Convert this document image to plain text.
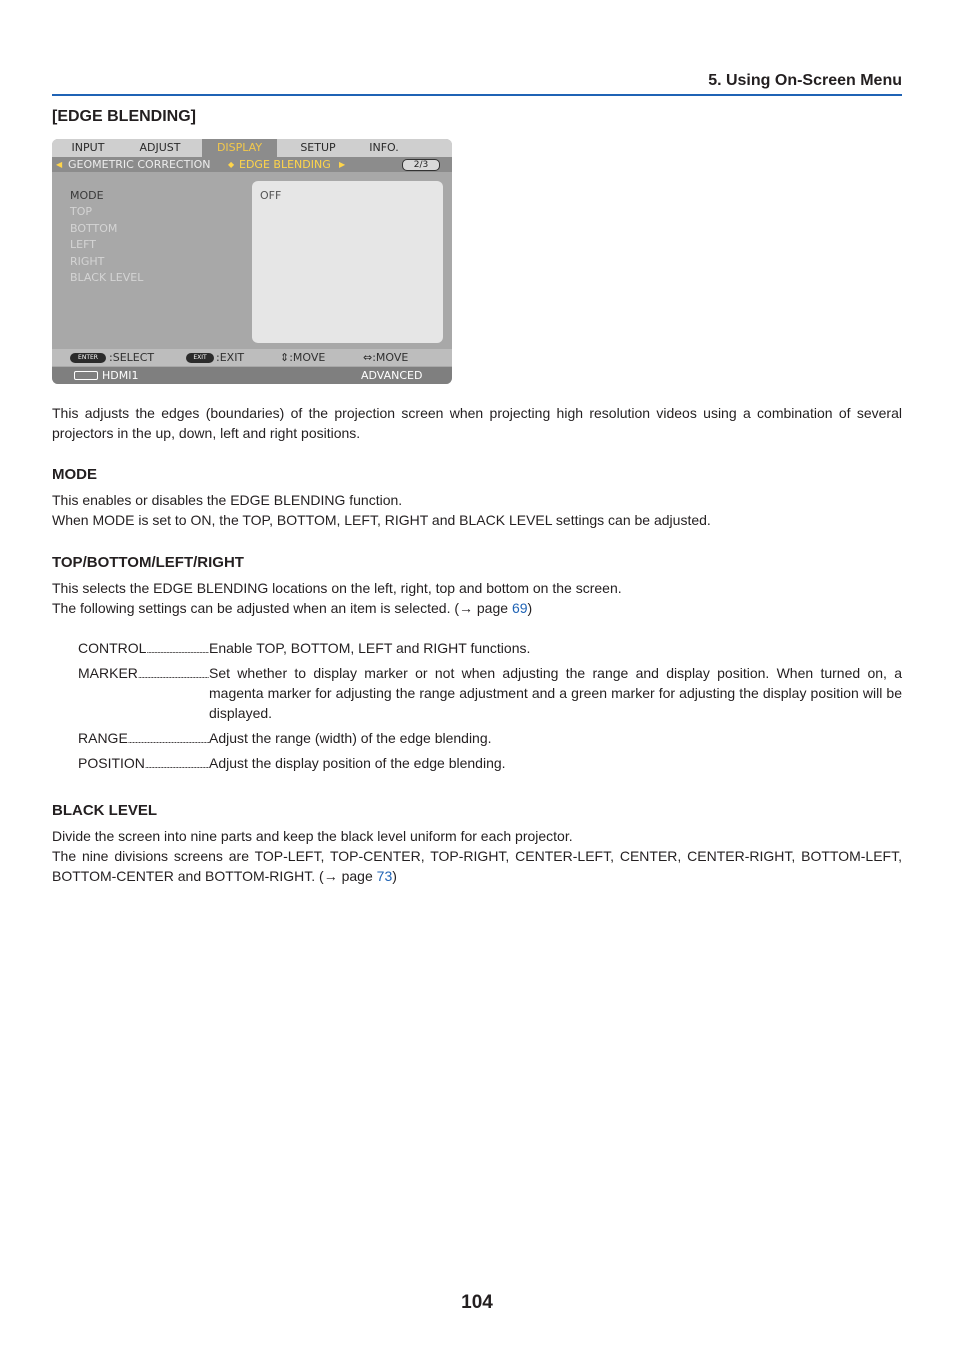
5. Using On-Screen Menu
[EDGE BLENDING]
INPUT	ADJUST	DISPLAY	SETUP	INFO.
◀ GEOMETRIC CORRECTION ◆ EDGE BLENDING ▶	2/3
MODE
TOP
BOTTOM
LEFT
RIGHT
BLACK LEVEL
OFF
ENTER	:SELECT	EXIT :EXIT	⇕:MOVE	⇔:MOVE
HDMI1	ADVANCED
This adjusts the edges (boundaries) of the projection screen when projecting high resolution videos using a combination of several projectors in the up, down, left and right positions.
MODE
This enables or disables the EDGE BLENDING function.
When MODE is set to ON, the TOP, BOTTOM, LEFT, RIGHT and BLACK LEVEL settings can be adjusted.
TOP/BOTTOM/LEFT/RIGHT
This selects the EDGE BLENDING locations on the left, right, top and bottom on the screen.
The following settings can be adjusted when an item is selected. (→ page 69)
CONTROL .....	Enable TOP, BOTTOM, LEFT and RIGHT functions.
MARKER .....	Set whether to display marker or not when adjusting the range and display position. When turned on, a magenta marker for adjusting the range adjustment and a green marker for adjusting the display position will be displayed.
RANGE .....	Adjust the range (width) of the edge blending.
POSITION .....	Adjust the display position of the edge blending.
BLACK LEVEL
Divide the screen into nine parts and keep the black level uniform for each projector.
The nine divisions screens are TOP-LEFT, TOP-CENTER, TOP-RIGHT, CENTER-LEFT, CENTER, CENTER-RIGHT, BOTTOM-LEFT, BOTTOM-CENTER and BOTTOM-RIGHT. (→ page 73)
104
